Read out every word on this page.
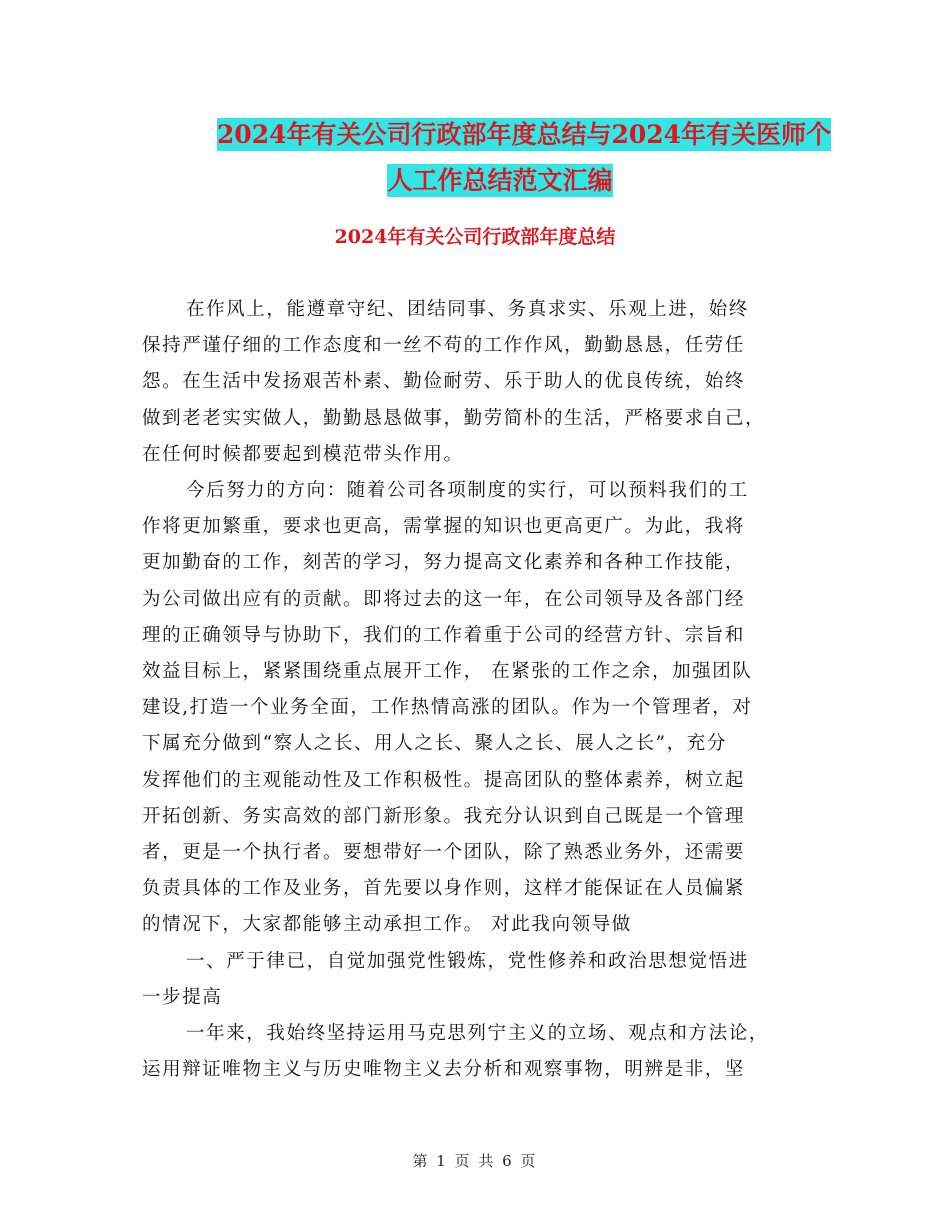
2024年有关公司行政部年度总结与2024年有关医师个
人工作总结范文汇编
2024年有关公司行政部年度总结

在作风上，能遵章守纪、团结同事、务真求实、乐观上进，始终
保持严谨仔细的工作态度和一丝不苟的工作作风，勤勤恳恳，任劳任
怨。在生活中发扬艰苦朴素、勤俭耐劳、乐于助人的优良传统，始终
做到老老实实做人，勤勤恳恳做事，勤劳简朴的生活，严格要求自己，
在任何时候都要起到模范带头作用。

今后努力的方向：随着公司各项制度的实行，可以预料我们的工
作将更加繁重，要求也更高，需掌握的知识也更高更广。为此，我将
更加勤奋的工作，刻苦的学习，努力提高文化素养和各种工作技能，
为公司做出应有的贡献。即将过去的这一年，在公司领导及各部门经
理的正确领导与协助下，我们的工作着重于公司的经营方针、宗旨和
效益目标上，紧紧围绕重点展开工作， 在紧张的工作之余，加强团队
建设,打造一个业务全面，工作热情高涨的团队。作为一个管理者，对
下属充分做到“察人之长、用人之长、聚人之长、展人之长”，充分
发挥他们的主观能动性及工作积极性。提高团队的整体素养，树立起
开拓创新、务实高效的部门新形象。我充分认识到自己既是一个管理
者，更是一个执行者。要想带好一个团队，除了熟悉业务外，还需要
负责具体的工作及业务，首先要以身作则，这样才能保证在人员偏紧
的情况下，大家都能够主动承担工作。 对此我向领导做

一、严于律已，自觉加强党性锻炼，党性修养和政治思想觉悟进
一步提高

一年来，我始终坚持运用马克思列宁主义的立场、观点和方法论，
运用辩证唯物主义与历史唯物主义去分析和观察事物，明辨是非，坚

第 1 页 共 6 页
